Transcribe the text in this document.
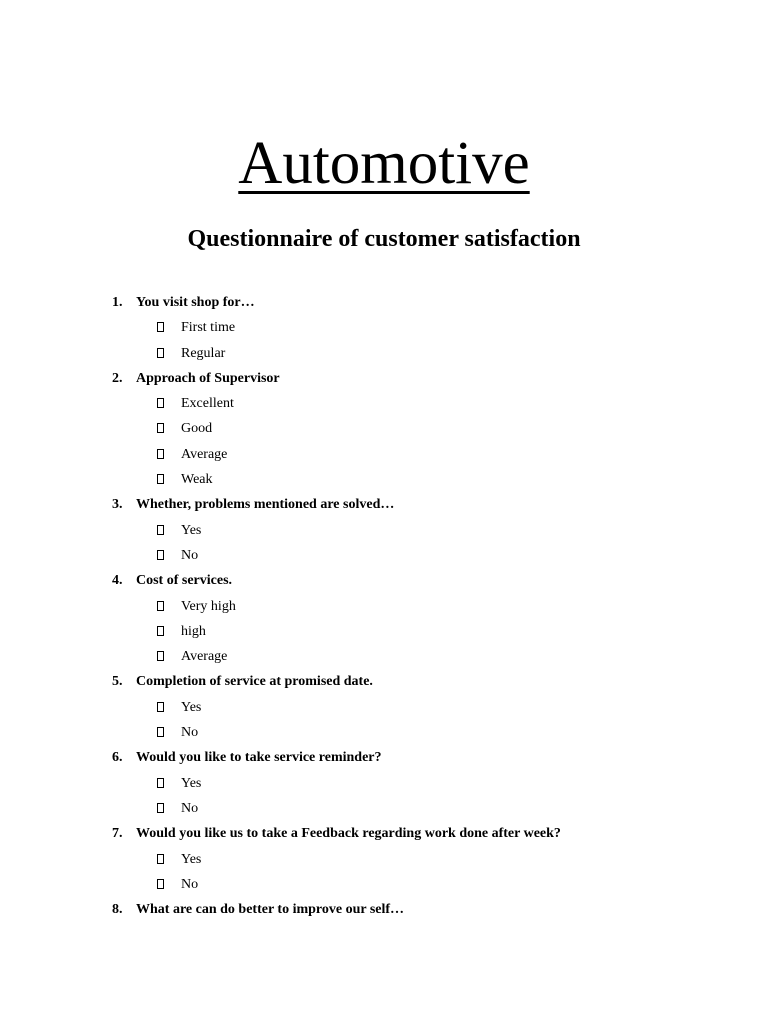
Automotive
Questionnaire of customer satisfaction
1. You visit shop for…
First time
Regular
2. Approach of Supervisor
Excellent
Good
Average
Weak
3. Whether, problems mentioned are solved…
Yes
No
4. Cost of services.
Very high
high
Average
5. Completion of service at promised date.
Yes
No
6. Would you like to take service reminder?
Yes
No
7. Would you like us to take a Feedback regarding work done after week?
Yes
No
8. What are can do better to improve our self…
